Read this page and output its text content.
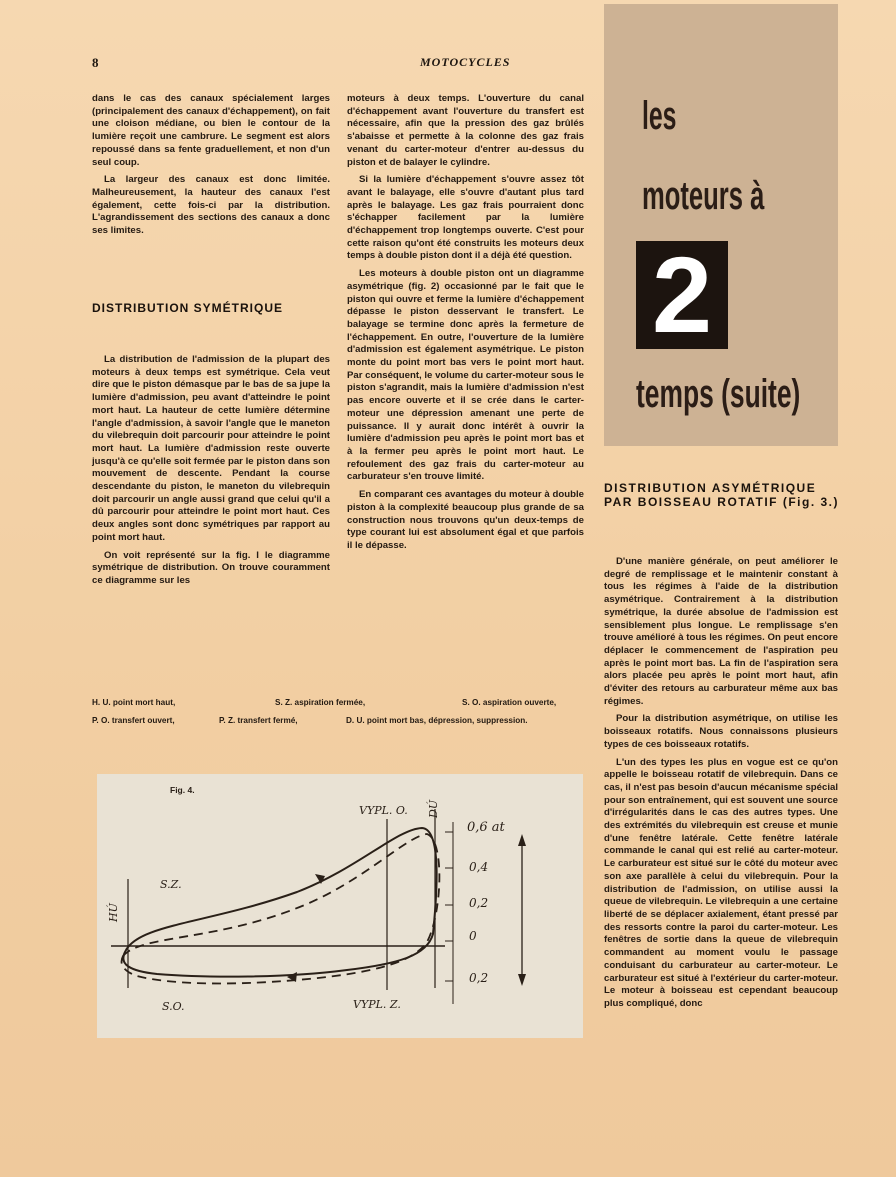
8	MOTOCYCLES

dans le cas des canaux spécialement larges (principalement des canaux d'échappement), on fait une cloison médiane, ou bien le contour de la lumière reçoit une cambrure. Le segment est alors repoussé dans sa fente graduellement, et non d'un seul coup.

La largeur des canaux est donc limitée. Malheureusement, la hauteur des canaux l'est également, cette fois-ci par la distribution. L'agrandissement des sections des canaux a donc ses limites.

DISTRIBUTION SYMÉTRIQUE

La distribution de l'admission de la plupart des moteurs à deux temps est symétrique. Cela veut dire que le piston démasque par le bas de sa jupe la lumière d'admission, peu avant d'atteindre le point mort haut. La hauteur de cette lumière détermine l'angle d'admission, à savoir l'angle que le maneton du vilebrequin doit parcourir pour atteindre le point mort haut. La lumière d'admission reste ouverte jusqu'à ce qu'elle soit fermée par le piston dans son mouvement de descente. Pendant la course descendante du piston, le maneton du vilebrequin doit parcourir un angle aussi grand que celui qu'il a dû parcourir pour atteindre le point mort haut. Ces deux angles sont donc symétriques par rapport au point mort haut.

On voit représenté sur la fig. I le diagramme symétrique de distribution. On trouve couramment ce diagramme sur les

moteurs à deux temps. L'ouverture du canal d'échappement avant l'ouverture du transfert est nécessaire, afin que la pression des gaz brûlés s'abaisse et permette à la colonne des gaz frais venant du carter-moteur d'entrer au-dessus du piston et de balayer le cylindre.

Si la lumière d'échappement s'ouvre assez tôt avant le balayage, elle s'ouvre d'autant plus tard après le balayage. Les gaz frais pourraient donc s'échapper facilement par la lumière d'échappement trop longtemps ouverte. C'est pour cette raison qu'ont été construits les moteurs deux temps à double piston dont il a déjà été question.

Les moteurs à double piston ont un diagramme asymétrique (fig. 2) occasionné par le fait que le piston qui ouvre et ferme la lumière d'échappement dépasse le piston desservant le transfert. Le balayage se termine donc après la fermeture de l'échappement. En outre, l'ouverture de la lumière d'admission est également asymétrique. Le piston monte du point mort bas vers le point mort haut. Par conséquent, le volume du carter-moteur sous le piston s'agrandit, mais la lumière d'admission n'est pas encore ouverte et il se crée dans le carter-moteur une dépression amenant une perte de puissance. Il y aurait donc intérêt à ouvrir la lumière d'admission peu après le point mort bas et à la fermer peu après le point mort haut. Le refoulement des gaz frais du carter-moteur au carburateur s'en trouve limité.

En comparant ces avantages du moteur à double piston à la complexité beaucoup plus grande de sa construction nous trouvons qu'un deux-temps de type courant lui est absolument égal et que parfois il le dépasse.

les
moteurs à
2
temps (suite)
DISTRIBUTION ASYMÉTRIQUE PAR BOISSEAU ROTATIF (Fig. 3.)

D'une manière générale, on peut améliorer le degré de remplissage et le maintenir constant à tous les régimes à l'aide de la distribution asymétrique. Contrairement à la distribution symétrique, la durée absolue de l'admission est sensiblement plus longue. Le remplissage s'en trouve amélioré à tous les régimes. On peut encore déplacer le commencement de l'aspiration peu après le point mort bas. La fin de l'aspiration sera alors placée peu après le point mort haut, afin d'éviter des retours au carburateur même aux bas régimes.

Pour la distribution asymétrique, on utilise les boisseaux rotatifs. Nous connaissons plusieurs types de ces boisseaux rotatifs.

L'un des types les plus en vogue est ce qu'on appelle le boisseau rotatif de vilebrequin. Dans ce cas, il n'est pas besoin d'aucun mécanisme spécial pour son entraînement, qui est souvent une source d'irrégularités dans le cas des autres types. Une des extrémités du vilebrequin est creuse et munie d'une fenêtre latérale. Cette fenêtre latérale commande le canal qui est relié au carter-moteur. Le carburateur est situé sur le côté du moteur avec son axe parallèle à celui du vilebrequin. Pour la distribution de l'admission, on utilise aussi la queue de vilebrequin. Le vilebrequin a une certaine liberté de se déplacer axialement, étant pressé par des ressorts contre la paroi du carter-moteur. Les fenêtres de sortie dans la queue de vilebrequin commandent au moment voulu le passage conduisant du carburateur au carter-moteur. Le carburateur est situé à l'extérieur du carter-moteur. Le moteur à boisseau est cependant beaucoup plus compliqué, donc

H. U. point mort haut,	S. Z. aspiration fermée,	S. O. aspiration ouverte,
P. O. transfert ouvert,	P. Z. transfert fermé,	D. U. point mort bas, dépression, suppression.
Fig. 4.
VYPL. O. DÚ
S.Z.
HÚ
S.O.	VYPL. Z.
0,6 at
0,4
0,2
0
0,2
